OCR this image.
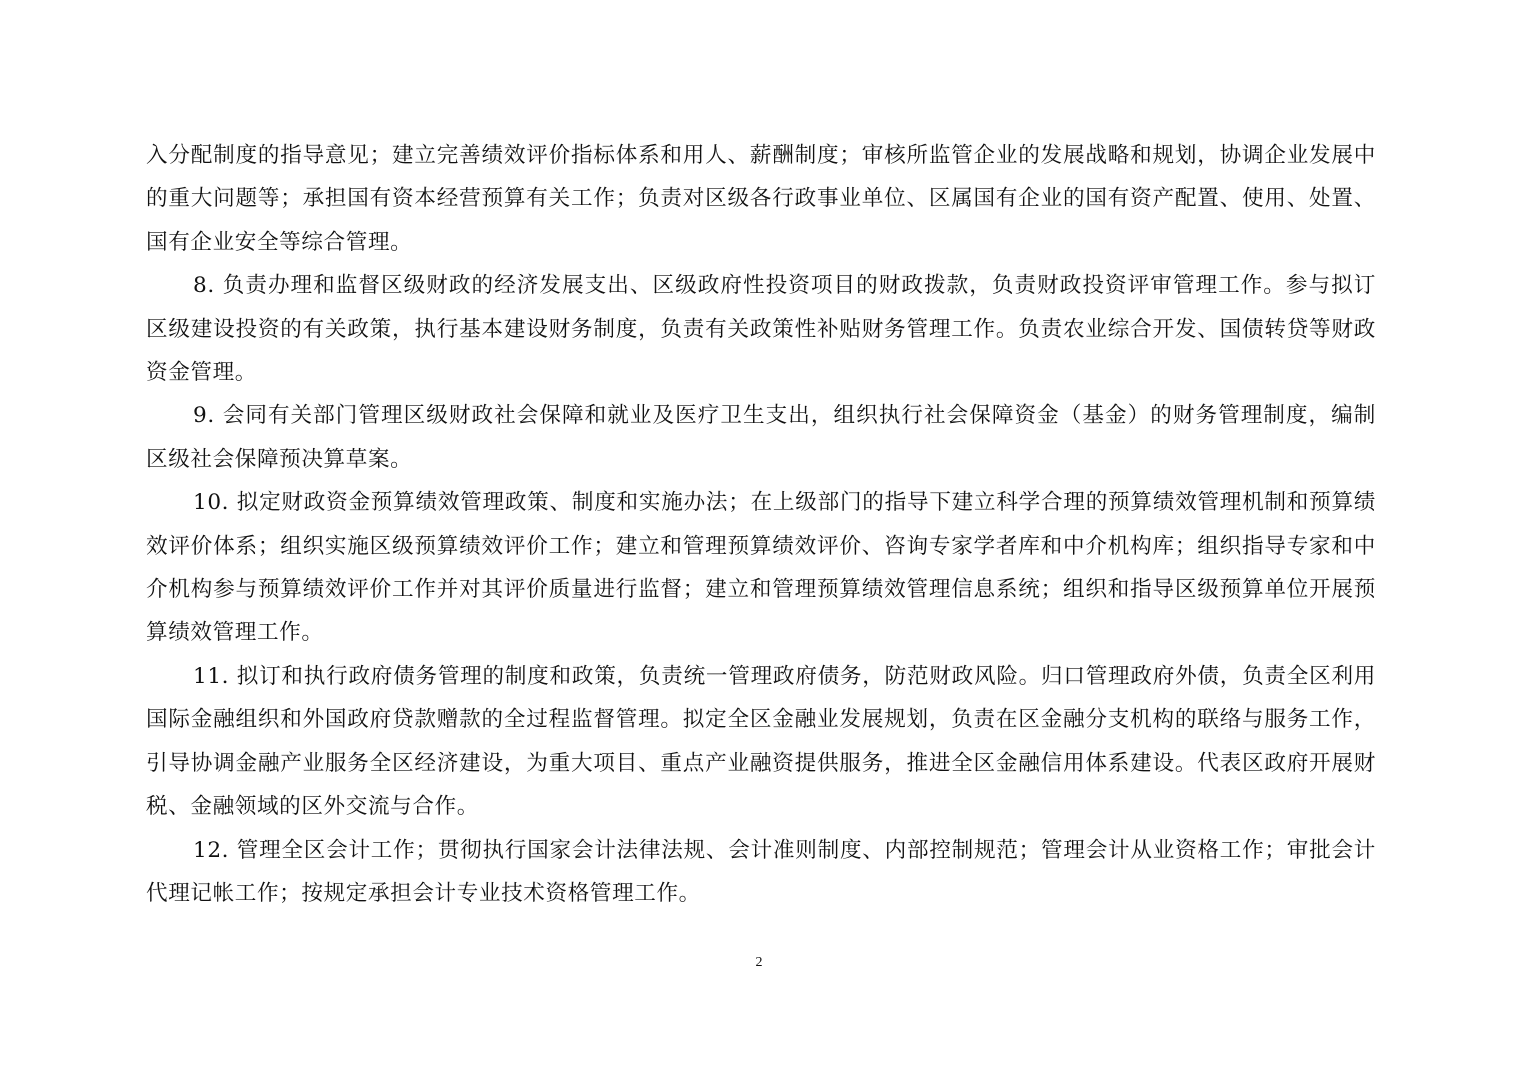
入分配制度的指导意见；建立完善绩效评价指标体系和用人、薪酬制度；审核所监管企业的发展战略和规划，协调企业发展中的重大问题等；承担国有资本经营预算有关工作；负责对区级各行政事业单位、区属国有企业的国有资产配置、使用、处置、国有企业安全等综合管理。

8. 负责办理和监督区级财政的经济发展支出、区级政府性投资项目的财政拨款，负责财政投资评审管理工作。参与拟订区级建设投资的有关政策，执行基本建设财务制度，负责有关政策性补贴财务管理工作。负责农业综合开发、国债转贷等财政资金管理。

9. 会同有关部门管理区级财政社会保障和就业及医疗卫生支出，组织执行社会保障资金（基金）的财务管理制度，编制区级社会保障预决算草案。

10. 拟定财政资金预算绩效管理政策、制度和实施办法；在上级部门的指导下建立科学合理的预算绩效管理机制和预算绩效评价体系；组织实施区级预算绩效评价工作；建立和管理预算绩效评价、咨询专家学者库和中介机构库；组织指导专家和中介机构参与预算绩效评价工作并对其评价质量进行监督；建立和管理预算绩效管理信息系统；组织和指导区级预算单位开展预算绩效管理工作。

11. 拟订和执行政府债务管理的制度和政策，负责统一管理政府债务，防范财政风险。归口管理政府外债，负责全区利用国际金融组织和外国政府贷款赠款的全过程监督管理。拟定全区金融业发展规划，负责在区金融分支机构的联络与服务工作，引导协调金融产业服务全区经济建设，为重大项目、重点产业融资提供服务，推进全区金融信用体系建设。代表区政府开展财税、金融领域的区外交流与合作。

12. 管理全区会计工作；贯彻执行国家会计法律法规、会计准则制度、内部控制规范；管理会计从业资格工作；审批会计代理记帐工作；按规定承担会计专业技术资格管理工作。

2
